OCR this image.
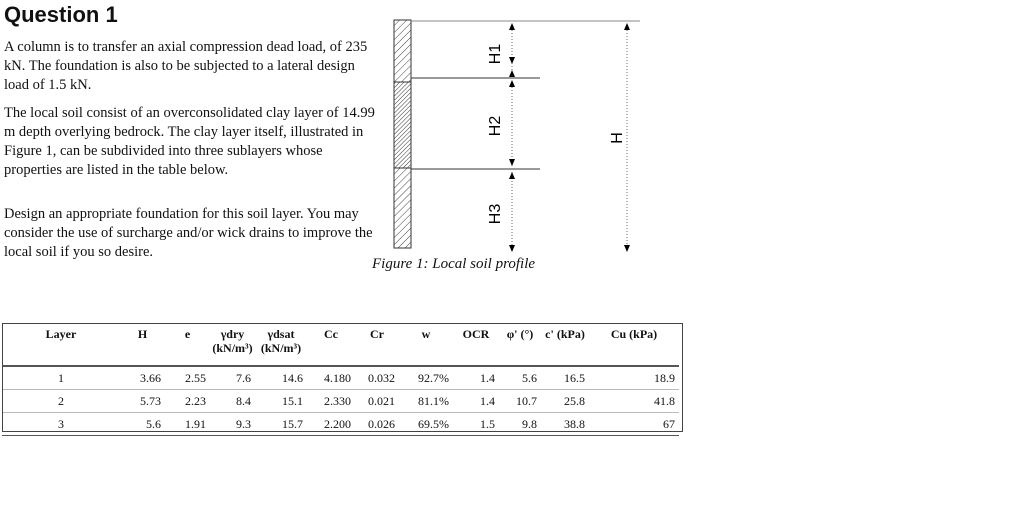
Question 1
A column is to transfer an axial compression dead load, of 235 kN. The foundation is also to be subjected to a lateral design load of 1.5 kN.
The local soil consist of an overconsolidated clay layer of 14.99 m depth overlying bedrock. The clay layer itself, illustrated in Figure 1, can be subdivided into three sublayers whose properties are listed in the table below.
Design an appropriate foundation for this soil layer. You may consider the use of surcharge and/or wick drains to improve the local soil if you so desire.
H1
H2
H3
H
Figure 1: Local soil profile
Layer	H	e	γdry (kN/m³)	γdsat (kN/m³)	Cc	Cr	w	OCR	φ' (°)	c' (kPa)	Cu (kPa)
1	3.66	2.55	7.6	14.6	4.180	0.032	92.7%	1.4	5.6	16.5	18.9
2	5.73	2.23	8.4	15.1	2.330	0.021	81.1%	1.4	10.7	25.8	41.8
3	5.6	1.91	9.3	15.7	2.200	0.026	69.5%	1.5	9.8	38.8	67
